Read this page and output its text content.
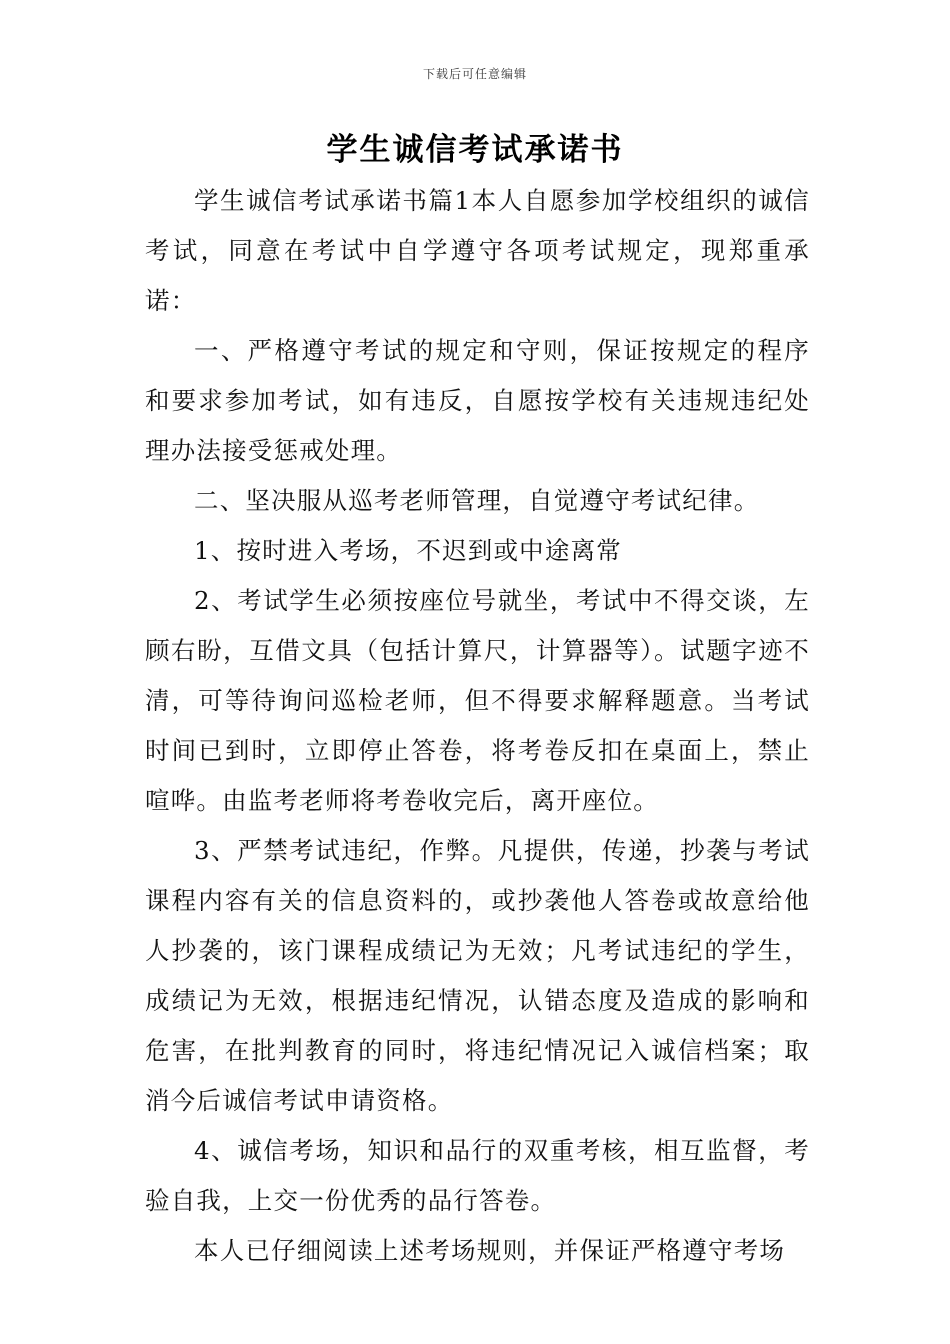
下载后可任意编辑
学生诚信考试承诺书

学生诚信考试承诺书篇1本人自愿参加学校组织的诚信考试，同意在考试中自学遵守各项考试规定，现郑重承诺：

一、严格遵守考试的规定和守则，保证按规定的程序和要求参加考试，如有违反，自愿按学校有关违规违纪处理办法接受惩戒处理。

二、坚决服从巡考老师管理，自觉遵守考试纪律。

1、按时进入考场，不迟到或中途离常

2、考试学生必须按座位号就坐，考试中不得交谈，左顾右盼，互借文具（包括计算尺，计算器等）。试题字迹不清，可等待询问巡检老师，但不得要求解释题意。当考试时间已到时，立即停止答卷，将考卷反扣在桌面上，禁止喧哗。由监考老师将考卷收完后，离开座位。

3、严禁考试违纪，作弊。凡提供，传递，抄袭与考试课程内容有关的信息资料的，或抄袭他人答卷或故意给他人抄袭的，该门课程成绩记为无效；凡考试违纪的学生，成绩记为无效，根据违纪情况，认错态度及造成的影响和危害，在批判教育的同时，将违纪情况记入诚信档案；取消今后诚信考试申请资格。

4、诚信考场，知识和品行的双重考核，相互监督，考验自我，上交一份优秀的品行答卷。

本人已仔细阅读上述考场规则，并保证严格遵守考场
